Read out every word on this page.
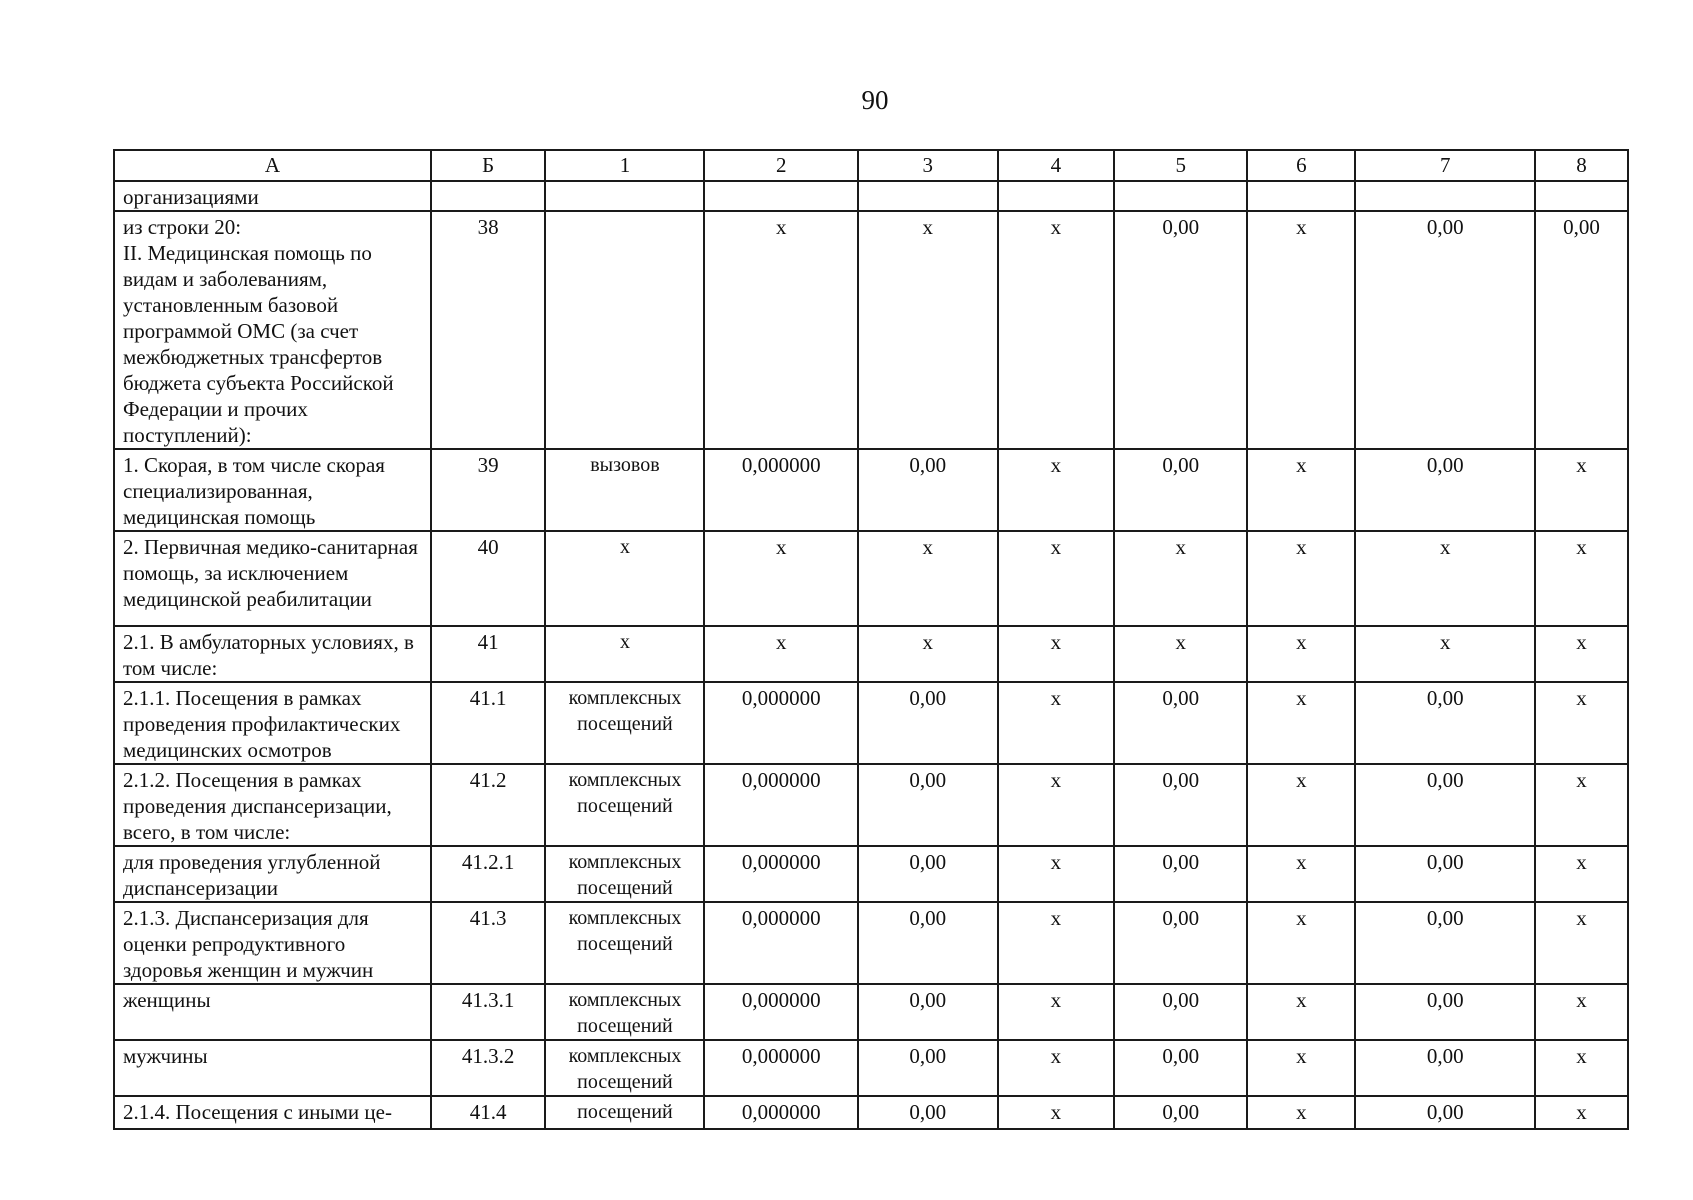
90
А	Б	1	2	3	4	5	6	7	8
организациями									
из строки 20:
II. Медицинская помощь по видам и заболеваниям, установленным базовой программой ОМС (за счет межбюджетных трансфертов бюджета субъекта Российской Федерации и прочих поступлений):	38		х	х	х	0,00	х	0,00	0,00
1. Скорая, в том числе скорая специализированная, медицинская помощь	39	вызовов	0,000000	0,00	х	0,00	х	0,00	х
2. Первичная медико-санитарная помощь, за исключением медицинской реабилитации	40	х	х	х	х	х	х	х	х
2.1. В амбулаторных условиях, в том числе:	41	х	х	х	х	х	х	х	х
2.1.1. Посещения в рамках проведения профилактических медицинских осмотров	41.1	комплексных посещений	0,000000	0,00	х	0,00	х	0,00	х
2.1.2. Посещения в рамках проведения диспансеризации, всего, в том числе:	41.2	комплексных посещений	0,000000	0,00	х	0,00	х	0,00	х
для проведения углубленной диспансеризации	41.2.1	комплексных посещений	0,000000	0,00	х	0,00	х	0,00	х
2.1.3. Диспансеризация для оценки репродуктивного здоровья женщин и мужчин	41.3	комплексных посещений	0,000000	0,00	х	0,00	х	0,00	х
женщины	41.3.1	комплексных посещений	0,000000	0,00	х	0,00	х	0,00	х
мужчины	41.3.2	комплексных посещений	0,000000	0,00	х	0,00	х	0,00	х
2.1.4. Посещения с иными це-	41.4	посещений	0,000000	0,00	х	0,00	х	0,00	х
